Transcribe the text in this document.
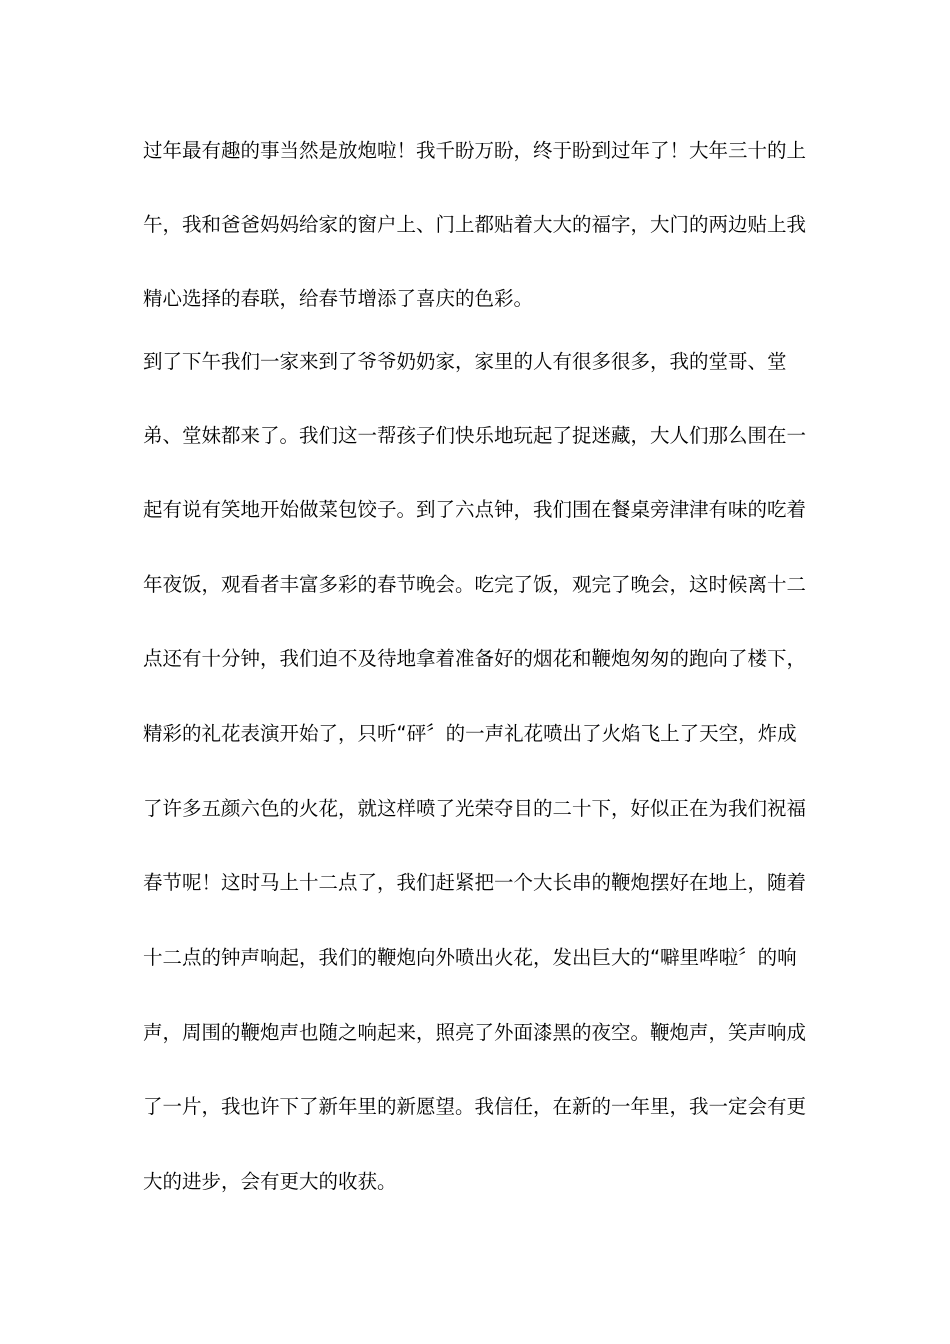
过年最有趣的事当然是放炮啦！我千盼万盼，终于盼到过年了！大年三十的上
午，我和爸爸妈妈给家的窗户上、门上都贴着大大的福字，大门的两边贴上我
精心选择的春联，给春节增添了喜庆的色彩。
到了下午我们一家来到了爷爷奶奶家，家里的人有很多很多，我的堂哥、堂
弟、堂妹都来了。我们这一帮孩子们快乐地玩起了捉迷藏，大人们那么围在一
起有说有笑地开始做菜包饺子。到了六点钟，我们围在餐桌旁津津有味的吃着
年夜饭，观看者丰富多彩的春节晚会。吃完了饭，观完了晚会，这时候离十二
点还有十分钟，我们迫不及待地拿着准备好的烟花和鞭炮匆匆的跑向了楼下，
精彩的礼花表演开始了，只听“砰〞的一声礼花喷出了火焰飞上了天空，炸成
了许多五颜六色的火花，就这样喷了光荣夺目的二十下，好似正在为我们祝福
春节呢！这时马上十二点了，我们赶紧把一个大长串的鞭炮摆好在地上，随着
十二点的钟声响起，我们的鞭炮向外喷出火花，发出巨大的“噼里哗啦〞的响
声，周围的鞭炮声也随之响起来，照亮了外面漆黑的夜空。鞭炮声，笑声响成
了一片，我也许下了新年里的新愿望。我信任，在新的一年里，我一定会有更
大的进步，会有更大的收获。
